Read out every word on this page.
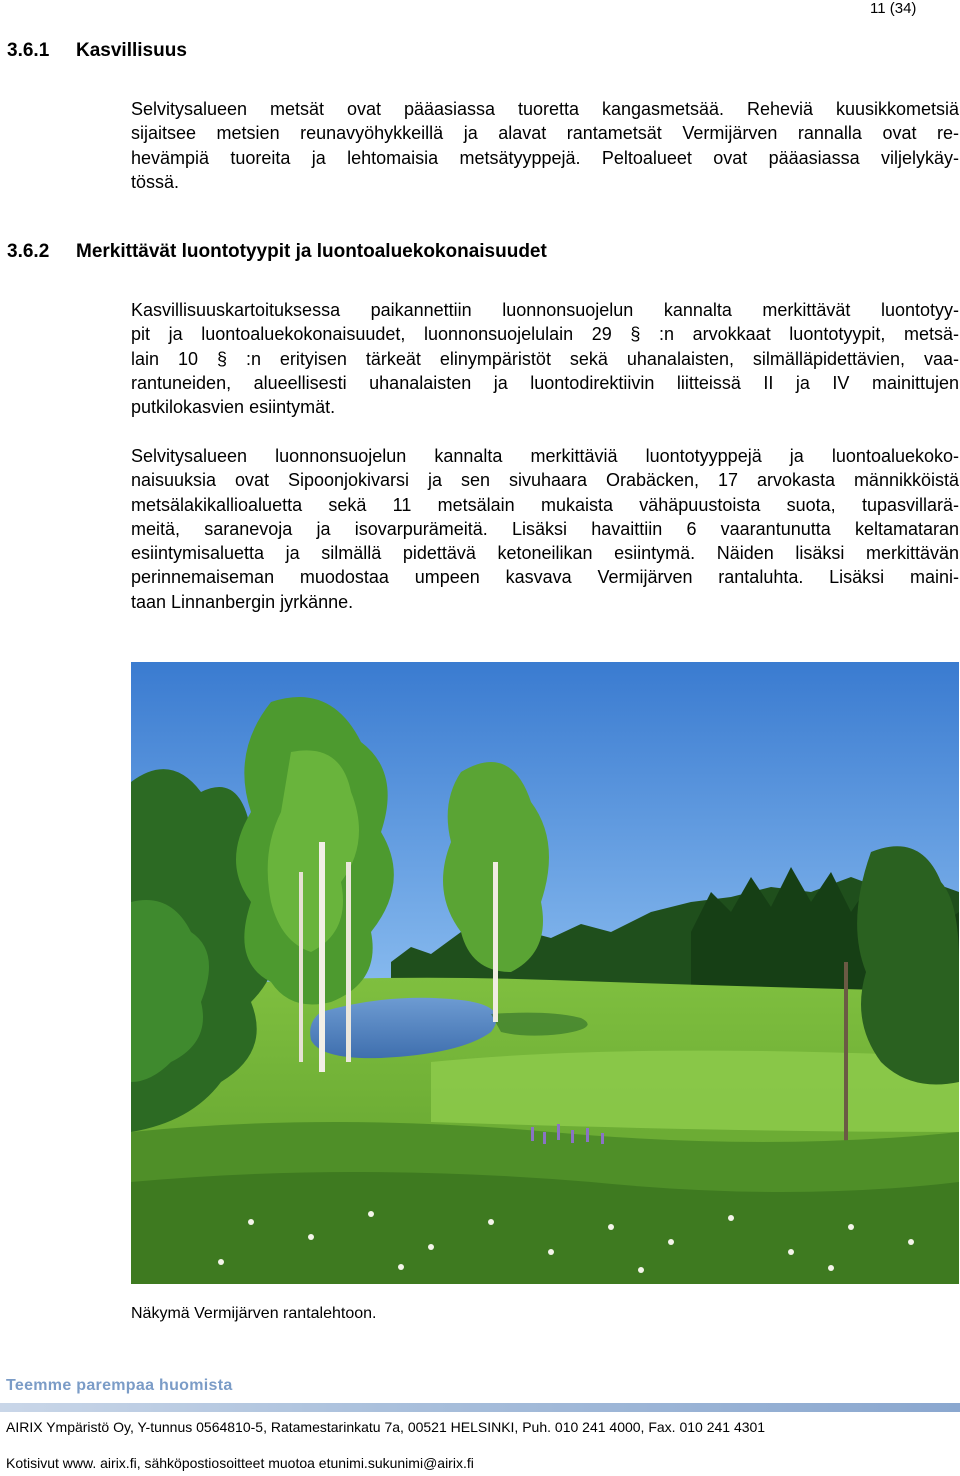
11 (34)
3.6.1 Kasvillisuus
Selvitysalueen metsät ovat pääasiassa tuoretta kangasmetsää. Reheviä kuusikkometsiä
sijaitsee metsien reunavyöhykkeillä ja alavat rantametsät Vermijärven rannalla ovat re-
hevämpiä tuoreita ja lehtomaisia metsätyyppejä. Peltoalueet ovat pääasiassa viljelykäy-
tössä.
3.6.2 Merkittävät luontotyypit ja luontoaluekokonaisuudet
Kasvillisuuskartoituksessa paikannettiin luonnonsuojelun kannalta merkittävät luontotyy-
pit ja luontoaluekokonaisuudet, luonnonsuojelulain 29 § :n arvokkaat luontotyypit, metsä-
lain 10 § :n erityisen tärkeät elinympäristöt sekä uhanalaisten, silmälläpidettävien, vaa-
rantuneiden, alueellisesti uhanalaisten ja luontodirektiivin liitteissä II ja IV mainittujen
putkilokasvien esiintymät.
Selvitysalueen luonnonsuojelun kannalta merkittäviä luontotyyppejä ja luontoaluekoko-
naisuuksia ovat Sipoonjokivarsi ja sen sivuhaara Orabäcken, 17 arvokasta männikköistä
metsälakikallioaluetta sekä 11 metsälain mukaista vähäpuustoista suota, tupasvillarä-
meitä, saranevoja ja isovarpurämeitä. Lisäksi havaittiin 6 vaarantunutta keltamataran
esiintymisaluetta ja silmällä pidettävä ketoneilikan esiintymä. Näiden lisäksi merkittävän
perinnemaiseman muodostaa umpeen kasvava Vermijärven rantaluhta. Lisäksi maini-
taan Linnanbergin jyrkänne.
Näkymä Vermijärven rantalehtoon.
Teemme parempaa huomista
AIRIX Ympäristö Oy, Y-tunnus 0564810-5, Ratamestarinkatu 7a, 00521 HELSINKI, Puh. 010 241 4000, Fax. 010 241 4301
Kotisivut www. airix.fi, sähköpostiosoitteet muotoa etunimi.sukunimi@airix.fi
